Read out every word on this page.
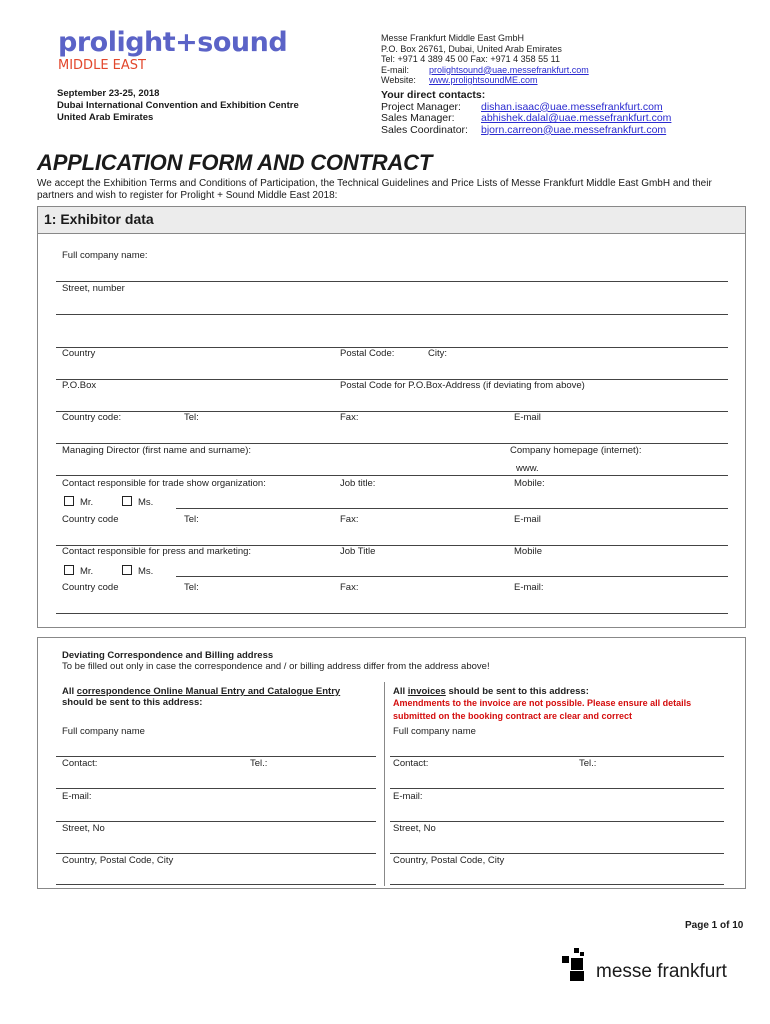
prolight+sound
MIDDLE EAST
Messe Frankfurt Middle East GmbH
P.O. Box 26761, Dubai, United Arab Emirates
Tel: +971 4 389 45 00 Fax: +971 4 358 55 11
E-mail: prolightsound@uae.messefrankfurt.com
Website: www.prolightsoundME.com
September 23-25, 2018
Dubai International Convention and Exhibition Centre
United Arab Emirates
Your direct contacts:
Project Manager:	dishan.isaac@uae.messefrankfurt.com
Sales Manager:	abhishek.dalal@uae.messefrankfurt.com
Sales Coordinator:	bjorn.carreon@uae.messefrankfurt.com
APPLICATION FORM AND CONTRACT
We accept the Exhibition Terms and Conditions of Participation, the Technical Guidelines and Price Lists of Messe Frankfurt Middle East GmbH and their partners and wish to register for Prolight + Sound Middle East 2018:
1: Exhibitor data
Full company name:
Street, number
Country	Postal Code:	City:
P.O.Box	Postal Code for P.O.Box-Address (if deviating from above)
Country code:	Tel:	Fax:	E-mail
Managing Director (first name and surname):	Company homepage (internet):
www.
Contact responsible for trade show organization:	Job title:	Mobile:
Mr.	Ms.
Country code	Tel:	Fax:	E-mail
Contact responsible for press and marketing:	Job Title	Mobile
Mr.	Ms.
Country code	Tel:	Fax:	E-mail:
Deviating Correspondence and Billing address
To be filled out only in case the correspondence and / or billing address differ from the address above!
All correspondence Online Manual Entry and Catalogue Entry
should be sent to this address:
All invoices should be sent to this address:
Amendments to the invoice are not possible. Please ensure all details
submitted on the booking contract are clear and correct
Full company name	Full company name
Contact:	Tel.:	Contact:	Tel.:
E-mail:	E-mail:
Street, No	Street, No
Country, Postal Code, City	Country, Postal Code, City
Page 1 of 10
messe frankfurt
